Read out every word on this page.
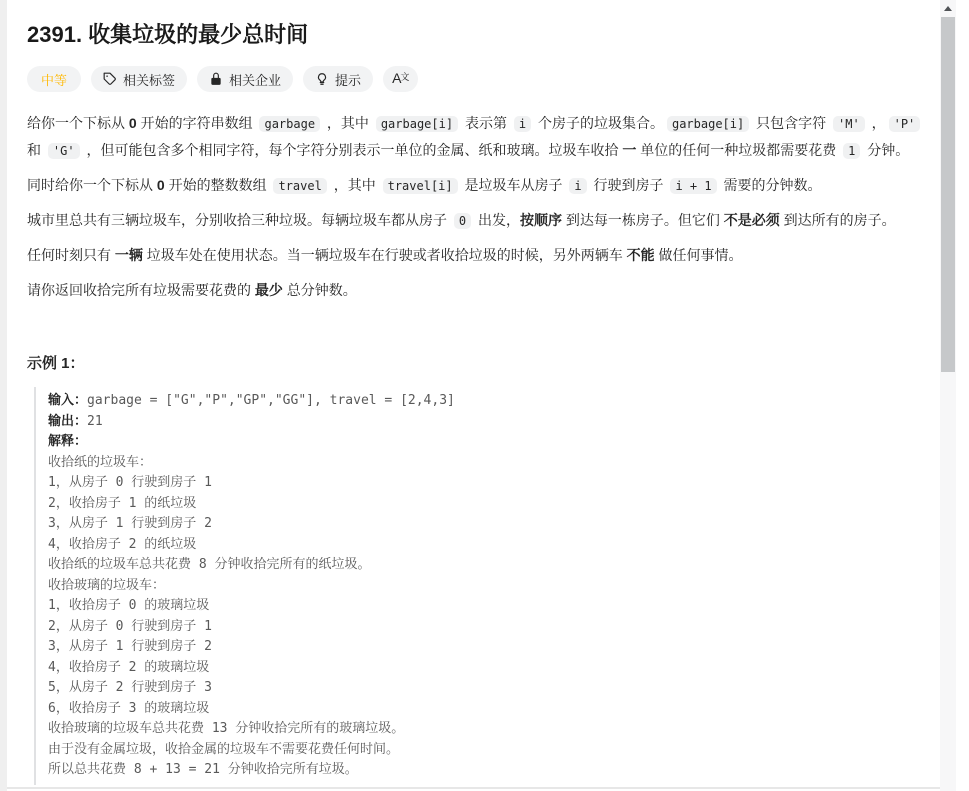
2391. 收集垃圾的最少总时间
中等	相关标签	相关企业	提示 A 文

给你一个下标从 0 开始的字符串数组 garbage ，其中 garbage[i] 表示第 i 个房子的垃圾集合。 garbage[i] 只包含字符 'M' ， 'P' 和 'G' ，但可能包含多个相同字符，每个字符分别表示一单位的金属、纸和玻璃。垃圾车收拾 一 单位的任何一种垃圾都需要花费 1 分钟。

同时给你一个下标从 0 开始的整数数组 travel ，其中 travel[i] 是垃圾车从房子 i 行驶到房子 i + 1 需要的分钟数。

城市里总共有三辆垃圾车，分别收拾三种垃圾。每辆垃圾车都从房子 0 出发，按顺序 到达每一栋房子。但它们 不是必须 到达所有的房子。

任何时刻只有 一辆 垃圾车处在使用状态。当一辆垃圾车在行驶或者收拾垃圾的时候，另外两辆车 不能 做任何事情。

请你返回收拾完所有垃圾需要花费的 最少 总分钟数。

示例 1：
输入：garbage = ["G","P","GP","GG"], travel = [2,4,3]
输出：21
解释：
收拾纸的垃圾车：
1，从房子 0 行驶到房子 1
2，收拾房子 1 的纸垃圾
3，从房子 1 行驶到房子 2
4，收拾房子 2 的纸垃圾
收拾纸的垃圾车总共花费 8 分钟收拾完所有的纸垃圾。
收拾玻璃的垃圾车：
1，收拾房子 0 的玻璃垃圾
2，从房子 0 行驶到房子 1
3，从房子 1 行驶到房子 2
4，收拾房子 2 的玻璃垃圾
5，从房子 2 行驶到房子 3
6，收拾房子 3 的玻璃垃圾
收拾玻璃的垃圾车总共花费 13 分钟收拾完所有的玻璃垃圾。
由于没有金属垃圾，收拾金属的垃圾车不需要花费任何时间。
所以总共花费 8 + 13 = 21 分钟收拾完所有垃圾。
